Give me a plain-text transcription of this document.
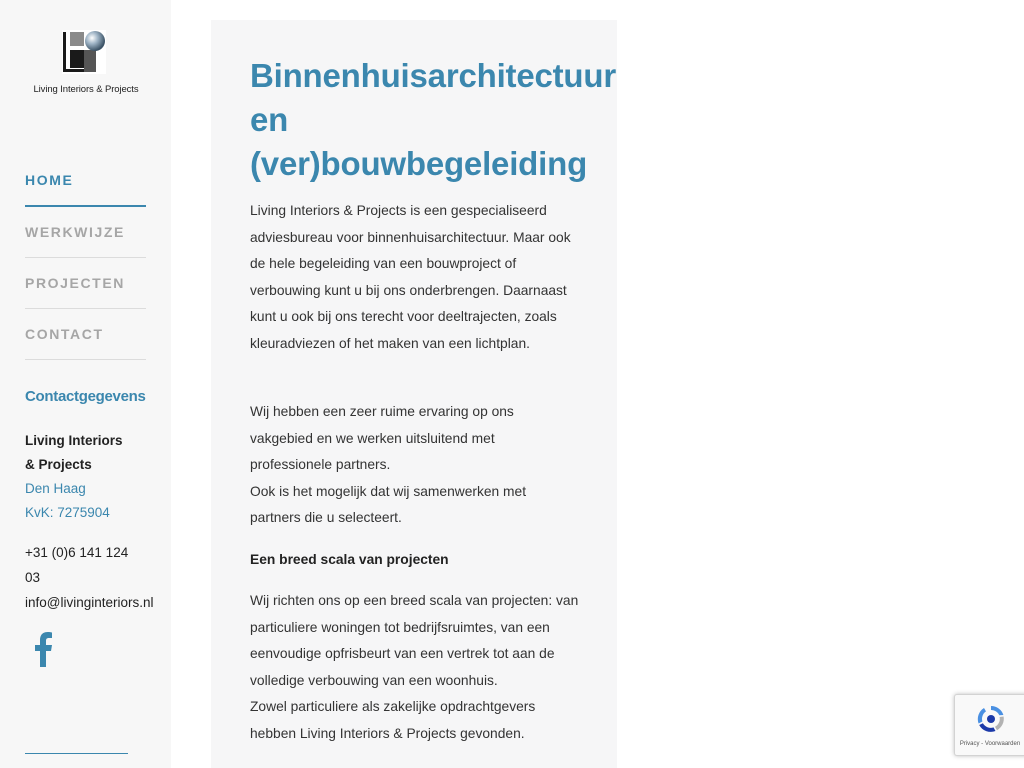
Living Interiors & Projects
HOME
WERKWIJZE
PROJECTEN
CONTACT
Contactgegevens
Living Interiors
& Projects
Den Haag
KvK: 7275904
+31 (0)6 141 124
03
info@livinginteriors.nl
Binnenhuisarchitectuur
en
(ver)bouwbegeleiding
Living Interiors & Projects is een gespecialiseerd adviesbureau voor binnenhuisarchitectuur. Maar ook de hele begeleiding van een bouwproject of verbouwing kunt u bij ons onderbrengen. Daarnaast kunt u ook bij ons terecht voor deeltrajecten, zoals kleuradviezen of het maken van een lichtplan.
Wij hebben een zeer ruime ervaring op ons vakgebied en we werken uitsluitend met professionele partners.
Ook is het mogelijk dat wij samenwerken met partners die u selecteert.
Een breed scala van projecten
Wij richten ons op een breed scala van projecten: van particuliere woningen tot bedrijfsruimtes, van een eenvoudige opfrisbeurt van een vertrek tot aan de volledige verbouwing van een woonhuis.
Zowel particuliere als zakelijke opdrachtgevers hebben Living Interiors & Projects gevonden.
Privacy - Voorwaarden
